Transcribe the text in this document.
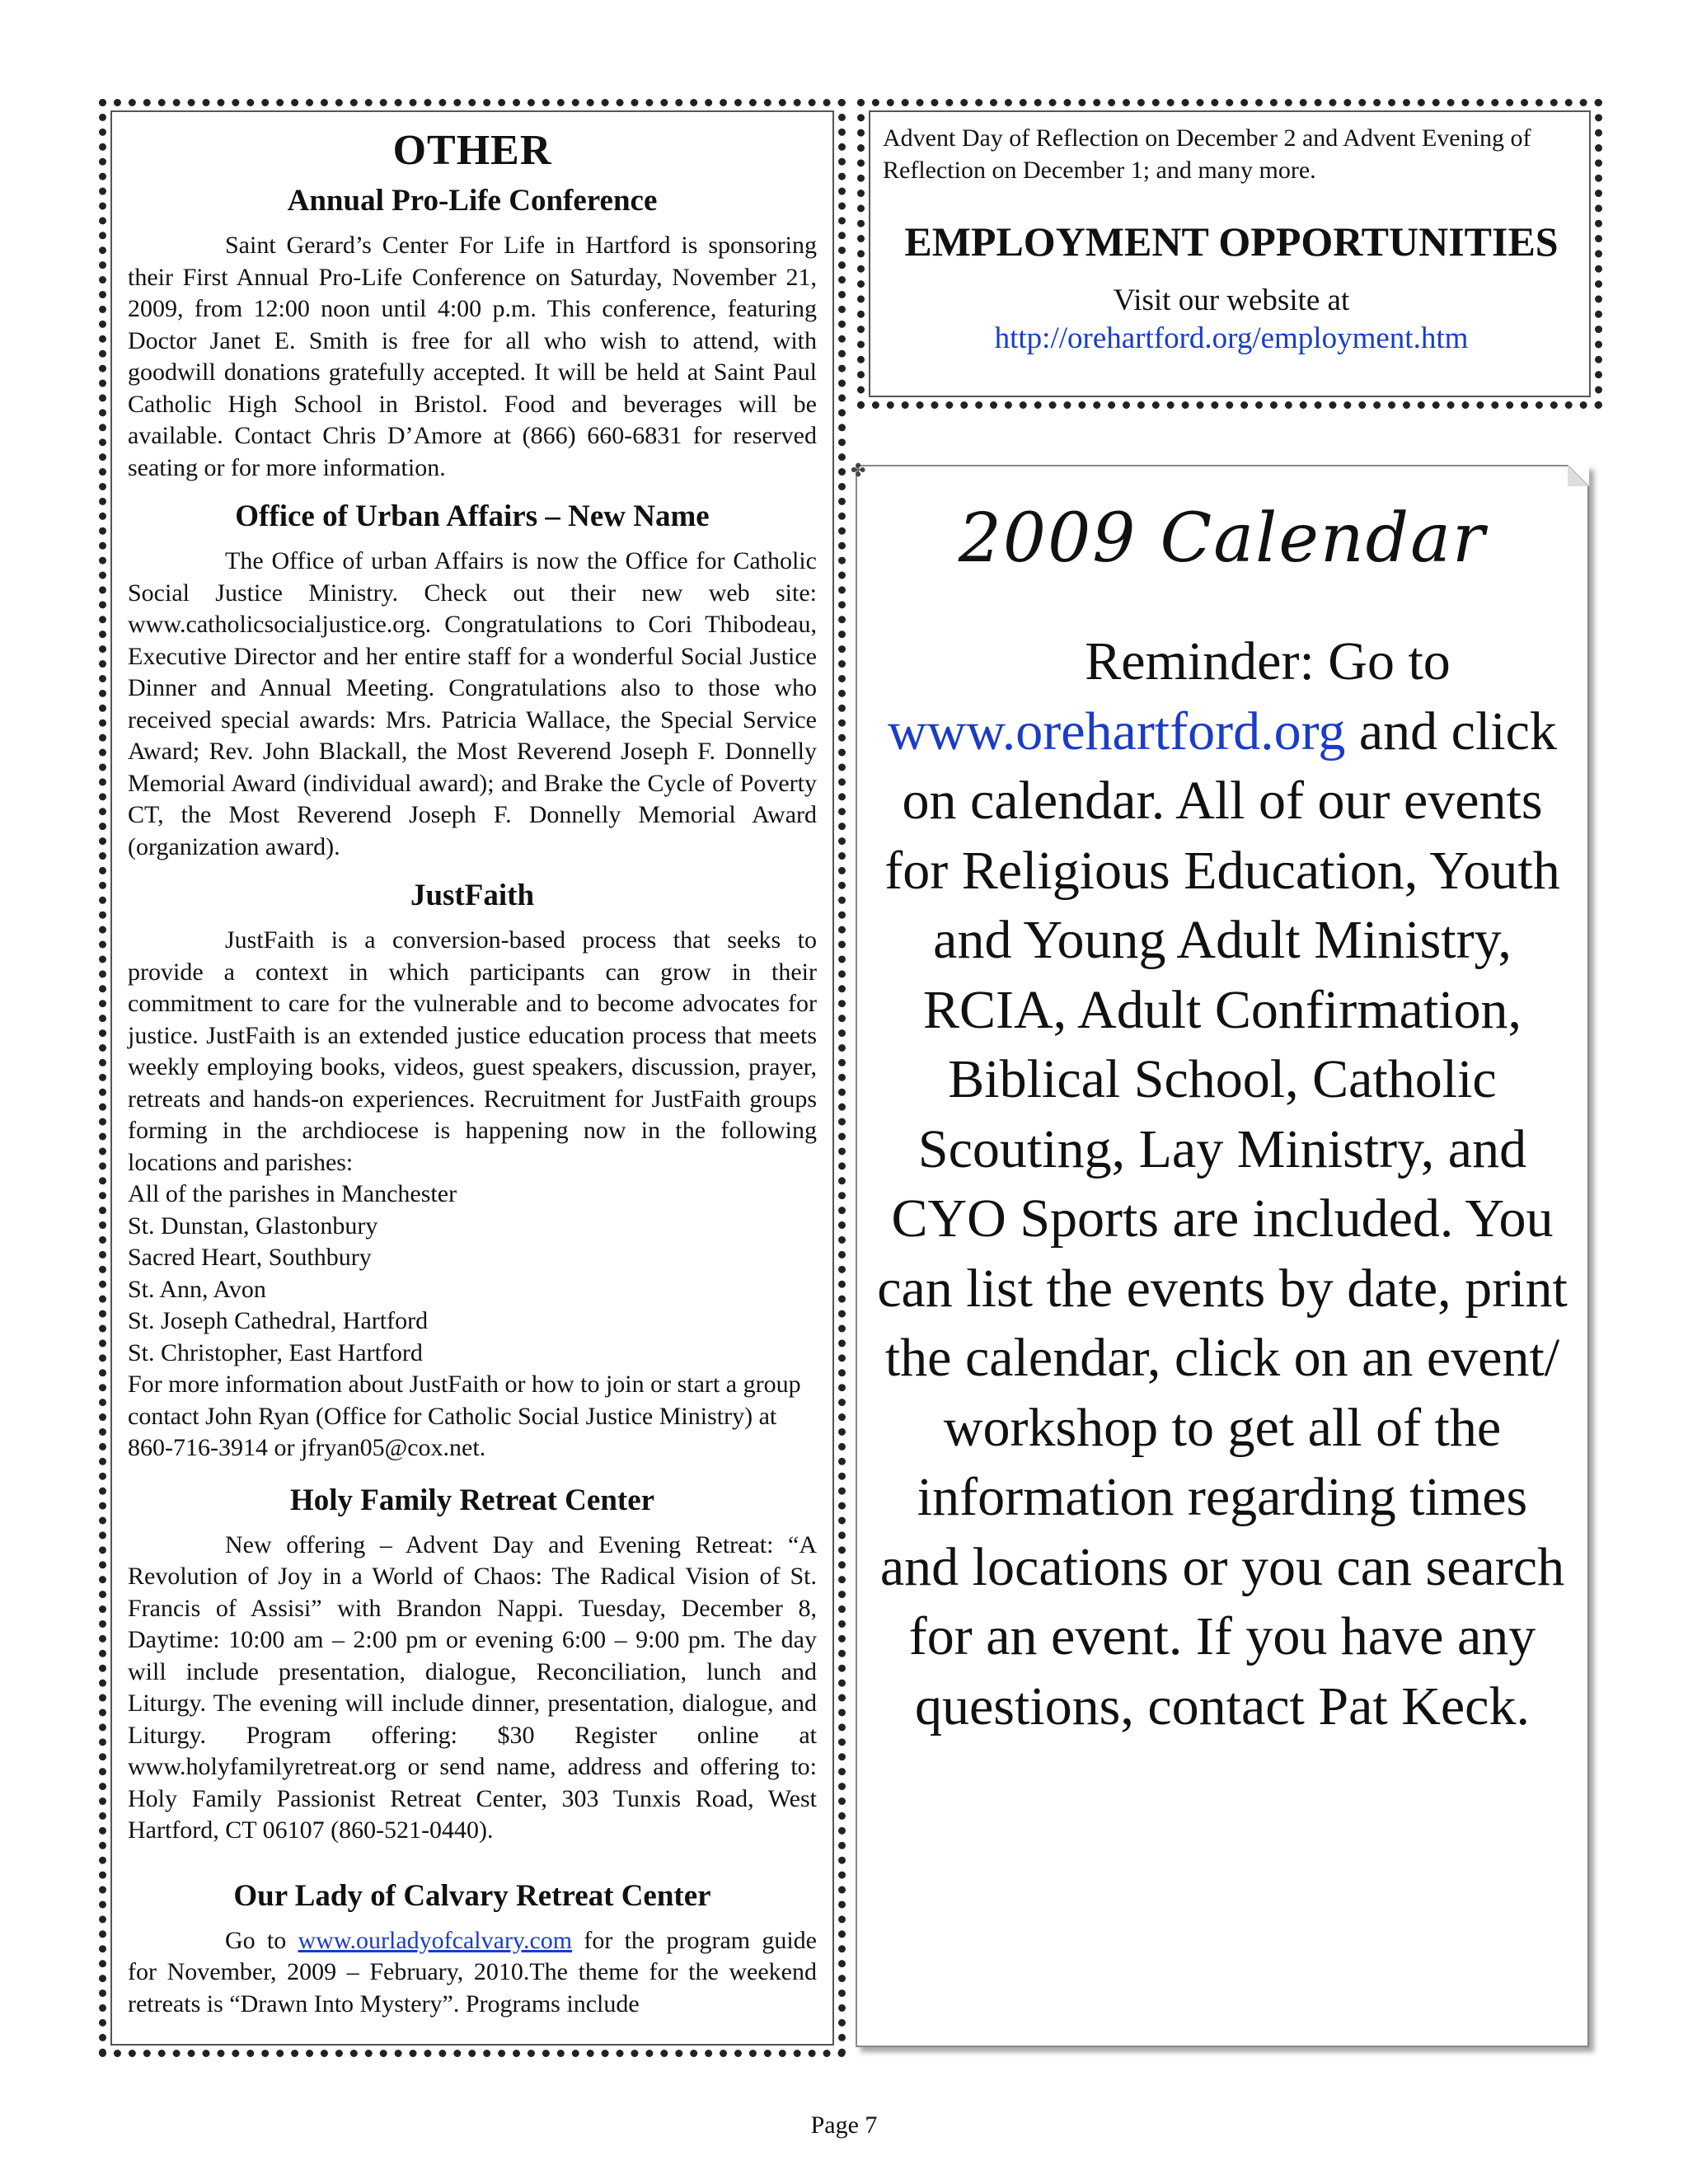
OTHER
Annual Pro-Life Conference

Saint Gerard’s Center For Life in Hartford is sponsoring their First Annual Pro-Life Conference on Saturday, November 21, 2009, from 12:00 noon until 4:00 p.m. This conference, featuring Doctor Janet E. Smith is free for all who wish to attend, with goodwill donations gratefully accepted. It will be held at Saint Paul Catholic High School in Bristol. Food and beverages will be available. Contact Chris D’Amore at (866) 660-6831 for reserved seating or for more information.

Office of Urban Affairs – New Name

The Office of urban Affairs is now the Office for Catholic Social Justice Ministry. Check out their new web site: www.catholicsocialjustice.org. Congratulations to Cori Thibodeau, Executive Director and her entire staff for a wonderful Social Justice Dinner and Annual Meeting. Congratulations also to those who received special awards: Mrs. Patricia Wallace, the Special Service Award; Rev. John Blackall, the Most Reverend Joseph F. Donnelly Memorial Award (individual award); and Brake the Cycle of Poverty CT, the Most Reverend Joseph F. Donnelly Memorial Award (organization award).

JustFaith

JustFaith is a conversion-based process that seeks to provide a context in which participants can grow in their commitment to care for the vulnerable and to become advocates for justice. JustFaith is an extended justice education process that meets weekly employing books, videos, guest speakers, discussion, prayer, retreats and hands-on experiences. Recruitment for JustFaith groups forming in the archdiocese is happening now in the following locations and parishes:

All of the parishes in Manchester

St. Dunstan, Glastonbury

Sacred Heart, Southbury

St. Ann, Avon

St. Joseph Cathedral, Hartford

St. Christopher, East Hartford

For more information about JustFaith or how to join or start a group contact John Ryan (Office for Catholic Social Justice Ministry) at 860-716-3914 or jfryan05@cox.net.

Holy Family Retreat Center

New offering – Advent Day and Evening Retreat: “A Revolution of Joy in a World of Chaos: The Radical Vision of St. Francis of Assisi” with Brandon Nappi. Tuesday, December 8, Daytime: 10:00 am – 2:00 pm or evening 6:00 – 9:00 pm. The day will include presentation, dialogue, Reconciliation, lunch and Liturgy. The evening will include dinner, presentation, dialogue, and Liturgy. Program offering: $30 Register online at www.holyfamilyretreat.org or send name, address and offering to: Holy Family Passionist Retreat Center, 303 Tunxis Road, West Hartford, CT 06107 (860-521-0440).

Our Lady of Calvary Retreat Center

Go to www.ourladyofcalvary.com for the program guide for November, 2009 – February, 2010.The theme for the weekend retreats is “Drawn Into Mystery”. Programs include

Advent Day of Reflection on December 2 and Advent Evening of Reflection on December 1; and many more.

EMPLOYMENT OPPORTUNITIES

Visit our website at

http://orehartford.org/employment.htm

✤
2009 Calendar
Reminder: Go to
www.orehartford.org and click on calendar. All of our events for Religious Education, Youth and Young Adult Ministry, RCIA, Adult Confirmation, Biblical School, Catholic Scouting, Lay Ministry, and CYO Sports are included. You can list the events by date, print the calendar, click on an event/ workshop to get all of the information regarding times and locations or you can search for an event. If you have any questions, contact Pat Keck.
Page 7
